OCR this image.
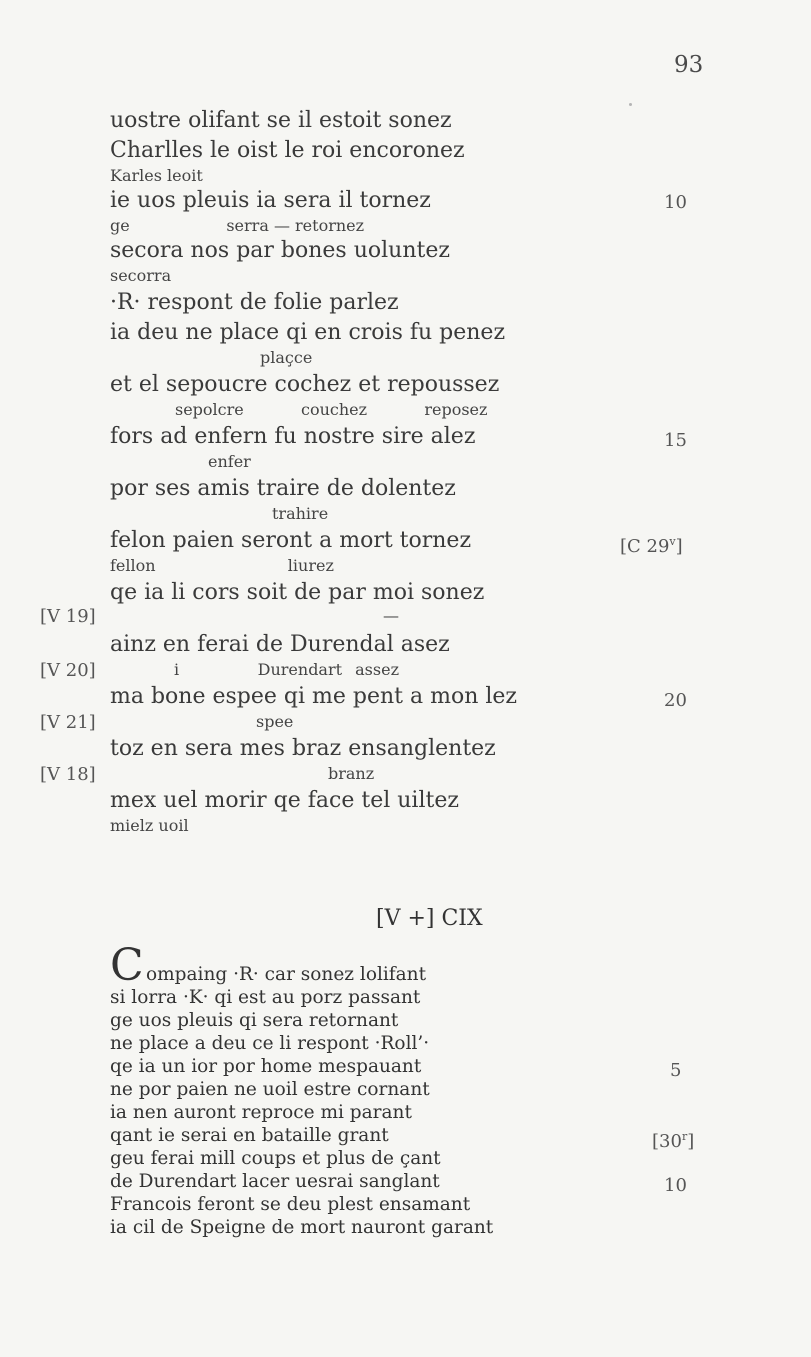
93
uostre olifant se il estoit sonez
Charlles le oist le roi encoronez
Karles leoit
ie uos pleuis ia sera il tornez
ge                   serra — retornez
secora nos par bones uoluntez
secorra
·R· respont de folie parlez
ia deu ne place qi en crois fu penez
plaçce
et el sepoucre cochez et repoussez
sepolcre   couchez   reposez
fors ad enfern fu nostre sire alez
enfer
por ses amis traire de dolentez
trahire
felon paien seront a mort tornez
fellon                          liurez
qe ia li cors soit de par moi sonez
—
ainz en ferai de Durendal asez
i      Durendart assez
ma bone espee qi me pent a mon lez
spee
toz en sera mes braz ensanglentez
branz
mex uel morir qe face tel uiltez
mielz uoil
10
15
[C 29$^v$]
20
[V 19]
[V 20]
[V 21]
[V 18]
[V +] CIX
C ompaing ·R· car sonez lolifant
si lorra ·K· qi est au porz passant
ge uos pleuis qi sera retornant
ne place a deu ce li respont ·Roll’·
qe ia un ior por home mespauant
ne por paien ne uoil estre cornant
ia nen auront reproce mi parant
qant ie serai en bataille grant
geu ferai mill coups et plus de çant
de Durendart lacer uesrai sanglant
Francois feront se deu plest ensamant
ia cil de Speigne de mort nauront garant
5
[30$^r$]
10
